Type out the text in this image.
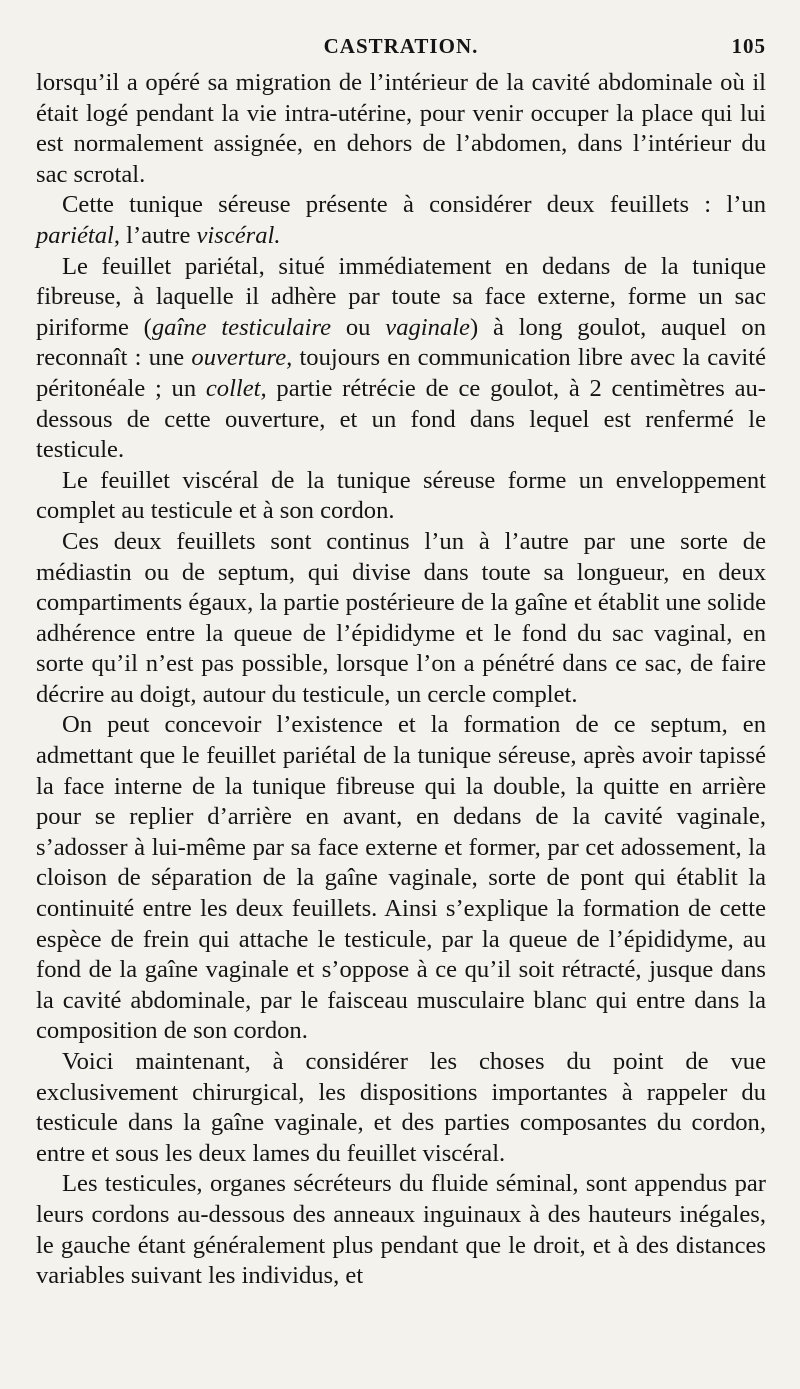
CASTRATION.	105

lorsqu’il a opéré sa migration de l’intérieur de la cavité abdominale où il était logé pendant la vie intra-utérine, pour venir occuper la place qui lui est normalement assignée, en dehors de l’abdomen, dans l’intérieur du sac scrotal.

Cette tunique séreuse présente à considérer deux feuillets : l’un pariétal, l’autre viscéral.

Le feuillet pariétal, situé immédiatement en dedans de la tunique fibreuse, à laquelle il adhère par toute sa face externe, forme un sac piriforme (gaîne testiculaire ou vaginale) à long goulot, auquel on reconnaît : une ouverture, toujours en communication libre avec la cavité péritonéale ; un collet, partie rétrécie de ce goulot, à 2 centimètres au-dessous de cette ouverture, et un fond dans lequel est renfermé le testicule.

Le feuillet viscéral de la tunique séreuse forme un enveloppement complet au testicule et à son cordon.

Ces deux feuillets sont continus l’un à l’autre par une sorte de médiastin ou de septum, qui divise dans toute sa longueur, en deux compartiments égaux, la partie postérieure de la gaîne et établit une solide adhérence entre la queue de l’épididyme et le fond du sac vaginal, en sorte qu’il n’est pas possible, lorsque l’on a pénétré dans ce sac, de faire décrire au doigt, autour du testicule, un cercle complet.

On peut concevoir l’existence et la formation de ce septum, en admettant que le feuillet pariétal de la tunique séreuse, après avoir tapissé la face interne de la tunique fibreuse qui la double, la quitte en arrière pour se replier d’arrière en avant, en dedans de la cavité vaginale, s’adosser à lui-même par sa face externe et former, par cet adossement, la cloison de séparation de la gaîne vaginale, sorte de pont qui établit la continuité entre les deux feuillets. Ainsi s’explique la formation de cette espèce de frein qui attache le testicule, par la queue de l’épididyme, au fond de la gaîne vaginale et s’oppose à ce qu’il soit rétracté, jusque dans la cavité abdominale, par le faisceau musculaire blanc qui entre dans la composition de son cordon.

Voici maintenant, à considérer les choses du point de vue exclusivement chirurgical, les dispositions importantes à rappeler du testicule dans la gaîne vaginale, et des parties composantes du cordon, entre et sous les deux lames du feuillet viscéral.

Les testicules, organes sécréteurs du fluide séminal, sont appendus par leurs cordons au-dessous des anneaux inguinaux à des hauteurs inégales, le gauche étant généralement plus pendant que le droit, et à des distances variables suivant les individus, et
